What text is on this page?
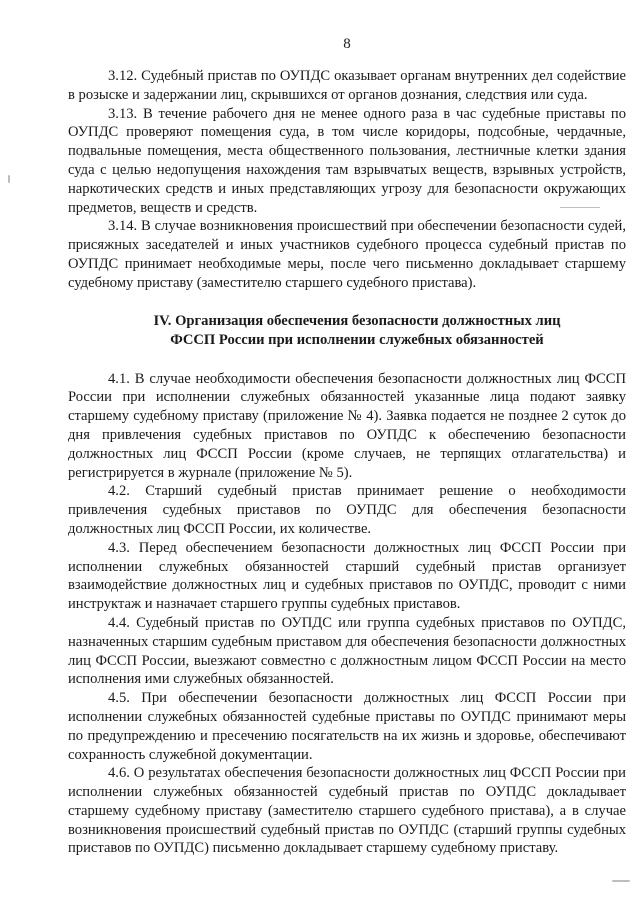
8

3.12. Судебный пристав по ОУПДС оказывает органам внутренних дел содействие в розыске и задержании лиц, скрывшихся от органов дознания, следствия или суда.

3.13. В течение рабочего дня не менее одного раза в час судебные приставы по ОУПДС проверяют помещения суда, в том числе коридоры, подсобные, чердачные, подвальные помещения, места общественного пользования, лестничные клетки здания суда с целью недопущения нахождения там взрывчатых веществ, взрывных устройств, наркотических средств и иных представляющих угрозу для безопасности окружающих предметов, веществ и средств.

3.14. В случае возникновения происшествий при обеспечении безопасности судей, присяжных заседателей и иных участников судебного процесса судебный пристав по ОУПДС принимает необходимые меры, после чего письменно докладывает старшему судебному приставу (заместителю старшего судебного пристава).

IV. Организация обеспечения безопасности должностных лиц
ФССП России при исполнении служебных обязанностей

4.1. В случае необходимости обеспечения безопасности должностных лиц ФССП России при исполнении служебных обязанностей указанные лица подают заявку старшему судебному приставу (приложение № 4). Заявка подается не позднее 2 суток до дня привлечения судебных приставов по ОУПДС к обеспечению безопасности должностных лиц ФССП России (кроме случаев, не терпящих отлагательства) и регистрируется в журнале (приложение № 5).

4.2. Старший судебный пристав принимает решение о необходимости привлечения судебных приставов по ОУПДС для обеспечения безопасности должностных лиц ФССП России, их количестве.

4.3. Перед обеспечением безопасности должностных лиц ФССП России при исполнении служебных обязанностей старший судебный пристав организует взаимодействие должностных лиц и судебных приставов по ОУПДС, проводит с ними инструктаж и назначает старшего группы судебных приставов.

4.4. Судебный пристав по ОУПДС или группа судебных приставов по ОУПДС, назначенных старшим судебным приставом для обеспечения безопасности должностных лиц ФССП России, выезжают совместно с должностным лицом ФССП России на место исполнения ими служебных обязанностей.

4.5. При обеспечении безопасности должностных лиц ФССП России при исполнении служебных обязанностей судебные приставы по ОУПДС принимают меры по предупреждению и пресечению посягательств на их жизнь и здоровье, обеспечивают сохранность служебной документации.

4.6. О результатах обеспечения безопасности должностных лиц ФССП России при исполнении служебных обязанностей судебный пристав по ОУПДС докладывает старшему судебному приставу (заместителю старшего судебного пристава), а в случае возникновения происшествий судебный пристав по ОУПДС (старший группы судебных приставов по ОУПДС) письменно докладывает старшему судебному приставу.
